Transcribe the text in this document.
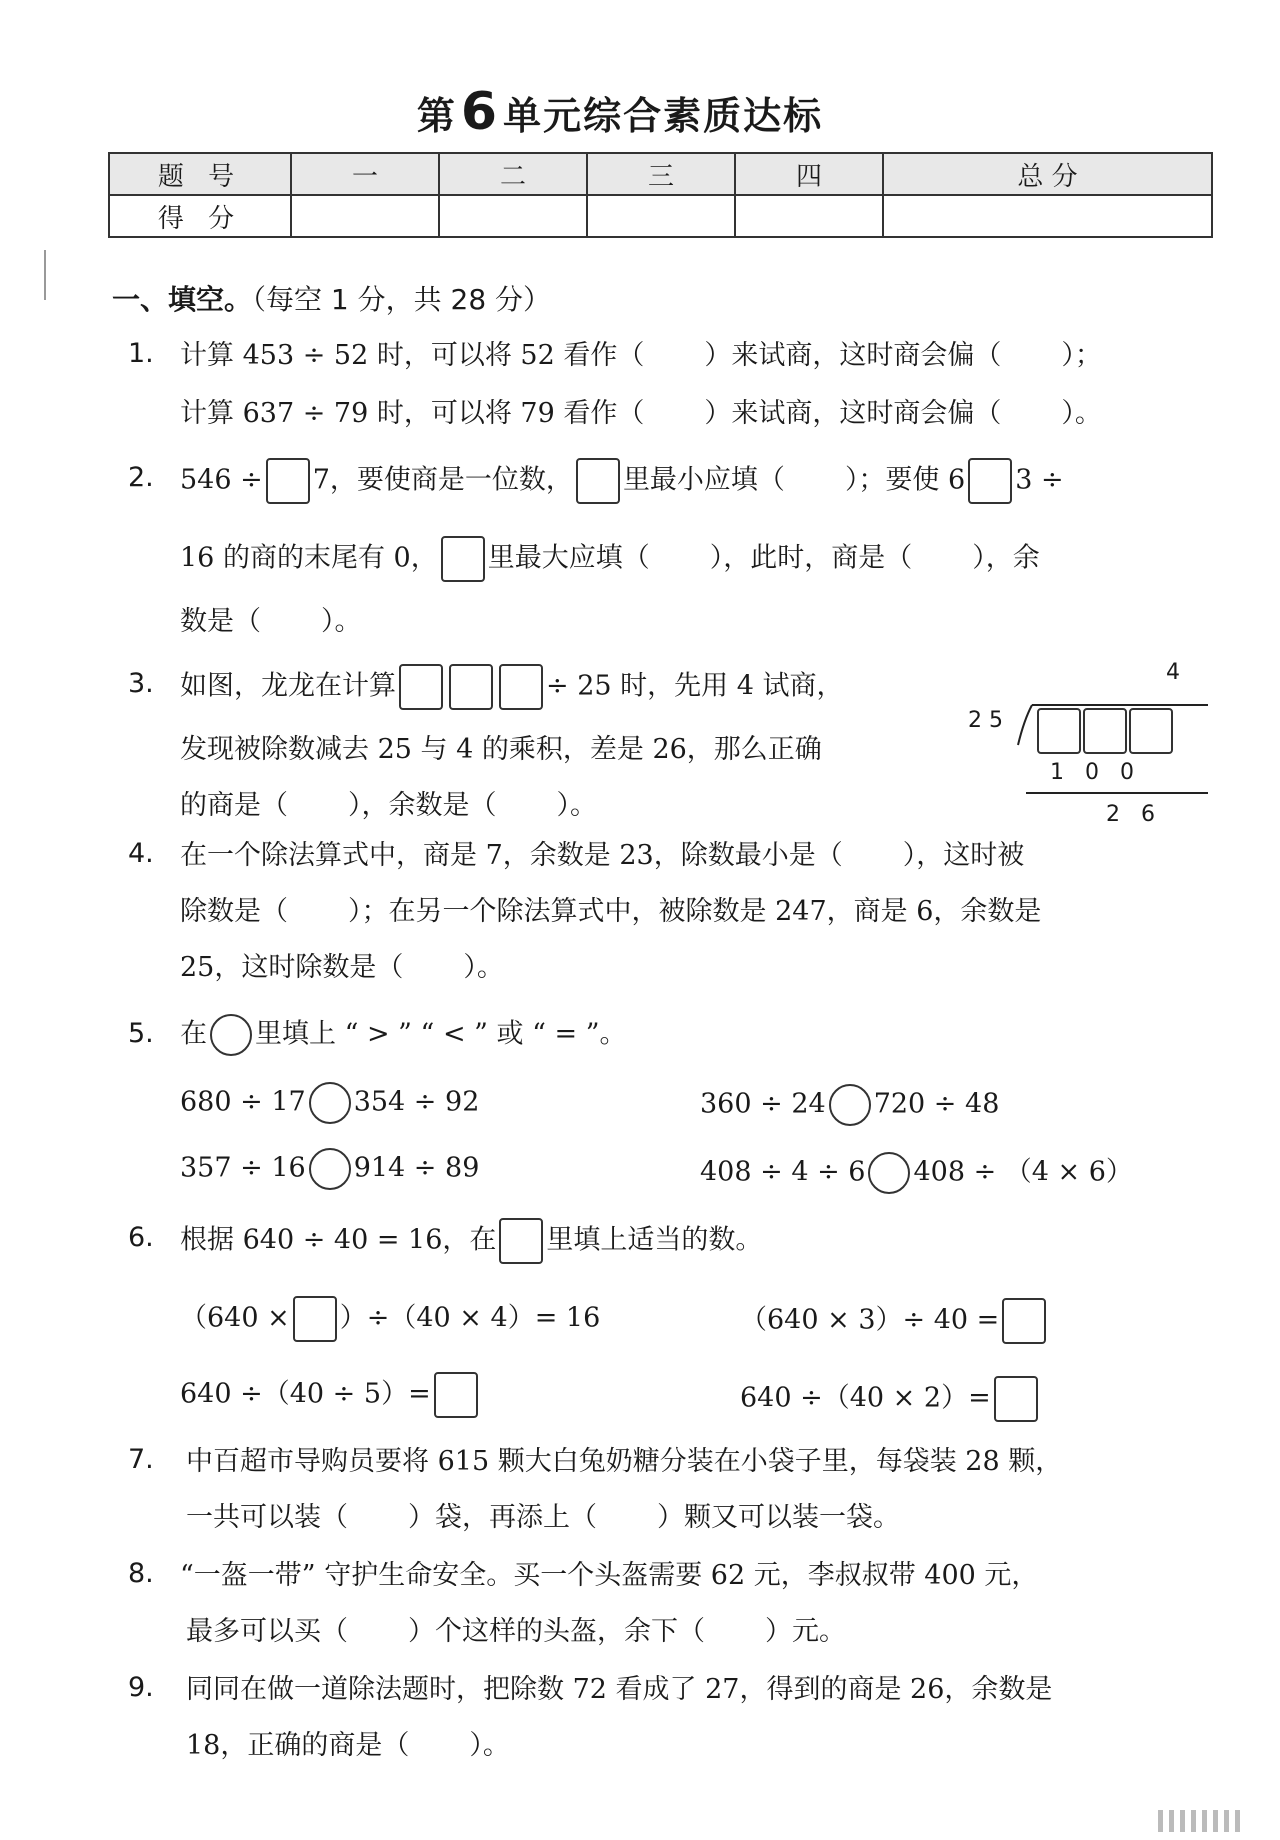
第6 单元综合素质达标
题 号	一	二	三	四	总 分
得 分					
一、填空。（每空 1 分，共 28 分）
1. 计算 453 ÷ 52 时，可以将 52 看作（ ）来试商，这时商会偏（ ）；
计算 637 ÷ 79 时，可以将 79 看作（ ）来试商，这时商会偏（ ）。
2. 546 ÷ 7，要使商是一位数， 里最小应填（ ）；要使 6 3 ÷
16 的商的末尾有 0， 里最大应填（ ），此时，商是（ ），余
数是（ ）。
3. 如图，龙龙在计算	÷ 25 时，先用 4 试商，
发现被除数减去 25 与 4 的乘积，差是 26，那么正确
的商是（ ），余数是（ ）。
4
2 5
1   0   0
2   6
4. 在一个除法算式中，商是 7，余数是 23，除数最小是（ ），这时被
除数是（ ）；在另一个除法算式中，被除数是 247，商是 6，余数是
25，这时除数是（ ）。
5. 在 里填上 “ > ” “ < ” 或 “ = ”。
680 ÷ 17 354 ÷ 92	360 ÷ 24 720 ÷ 48
357 ÷ 16 914 ÷ 89	408 ÷ 4 ÷ 6 408 ÷ （4 × 6）
6. 根据 640 ÷ 40 = 16，在 里填上适当的数。
（640 × ）÷（40 × 4）= 16	（640 × 3）÷ 40 =
640 ÷（40 ÷ 5）=	640 ÷（40 × 2）=
7. 中百超市导购员要将 615 颗大白兔奶糖分装在小袋子里，每袋装 28 颗，
一共可以装（ ）袋，再添上（ ）颗又可以装一袋。
8. “一盔一带” 守护生命安全。买一个头盔需要 62 元，李叔叔带 400 元，
最多可以买（ ）个这样的头盔，余下（ ）元。
9. 同同在做一道除法题时，把除数 72 看成了 27，得到的商是 26，余数是
18，正确的商是（ ）。
